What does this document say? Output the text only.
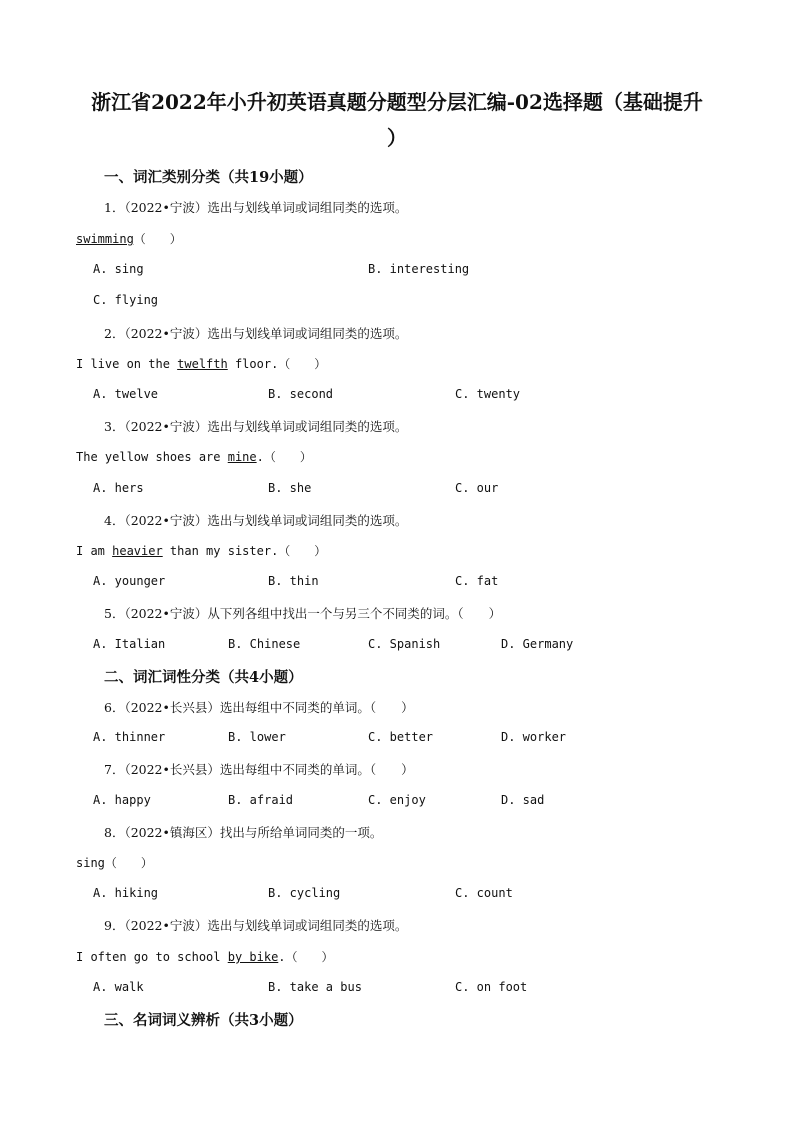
浙江省2022年小升初英语真题分题型分层汇编-02选择题（基础提升
）
一、词汇类别分类（共19小题）
1．（2022•宁波）选出与划线单词或词组同类的选项。
swimming（　　）
A. sing	B. interesting
C. flying
2．（2022•宁波）选出与划线单词或词组同类的选项。
I live on the twelfth floor.（　　）
A. twelve	B. second	C. twenty
3．（2022•宁波）选出与划线单词或词组同类的选项。
The yellow shoes are mine.（　　）
A. hers	B. she	C. our
4．（2022•宁波）选出与划线单词或词组同类的选项。
I am heavier than my sister.（　　）
A. younger	B. thin	C. fat
5．（2022•宁波）从下列各组中找出一个与另三个不同类的词。（　　）
A. Italian	B. Chinese	C. Spanish	D. Germany
二、词汇词性分类（共4小题）
6．（2022•长兴县）选出每组中不同类的单词。（　　）
A. thinner	B. lower	C. better	D. worker
7．（2022•长兴县）选出每组中不同类的单词。（　　）
A. happy	B. afraid	C. enjoy	D. sad
8．（2022•镇海区）找出与所给单词同类的一项。
sing（　　）
A. hiking	B. cycling	C. count
9．（2022•宁波）选出与划线单词或词组同类的选项。
I often go to school by bike.（　　）
A. walk	B. take a bus	C. on foot
三、名词词义辨析（共3小题）
